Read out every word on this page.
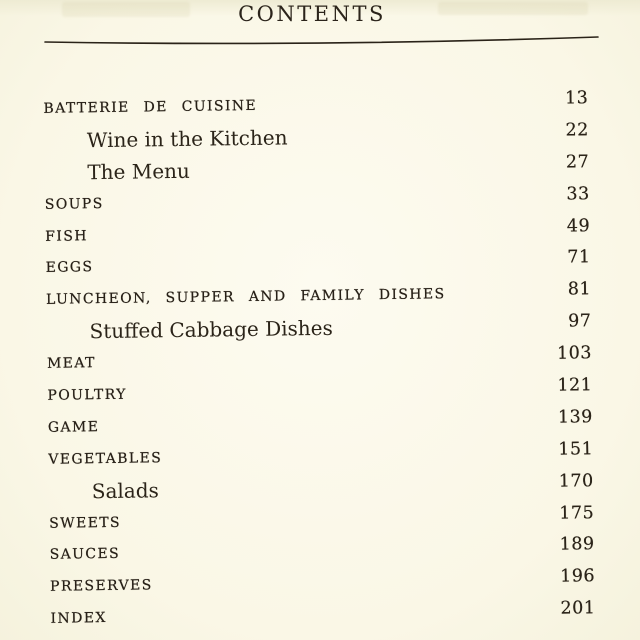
CONTENTS
BATTERIE DE CUISINE	13
Wine in the Kitchen	22
The Menu	27
SOUPS	33
FISH	49
EGGS	71
LUNCHEON, SUPPER AND FAMILY DISHES	81
Stuffed Cabbage Dishes	97
MEAT	103
POULTRY	121
GAME	139
VEGETABLES	151
Salads	170
SWEETS	175
SAUCES	189
PRESERVES	196
INDEX	201
